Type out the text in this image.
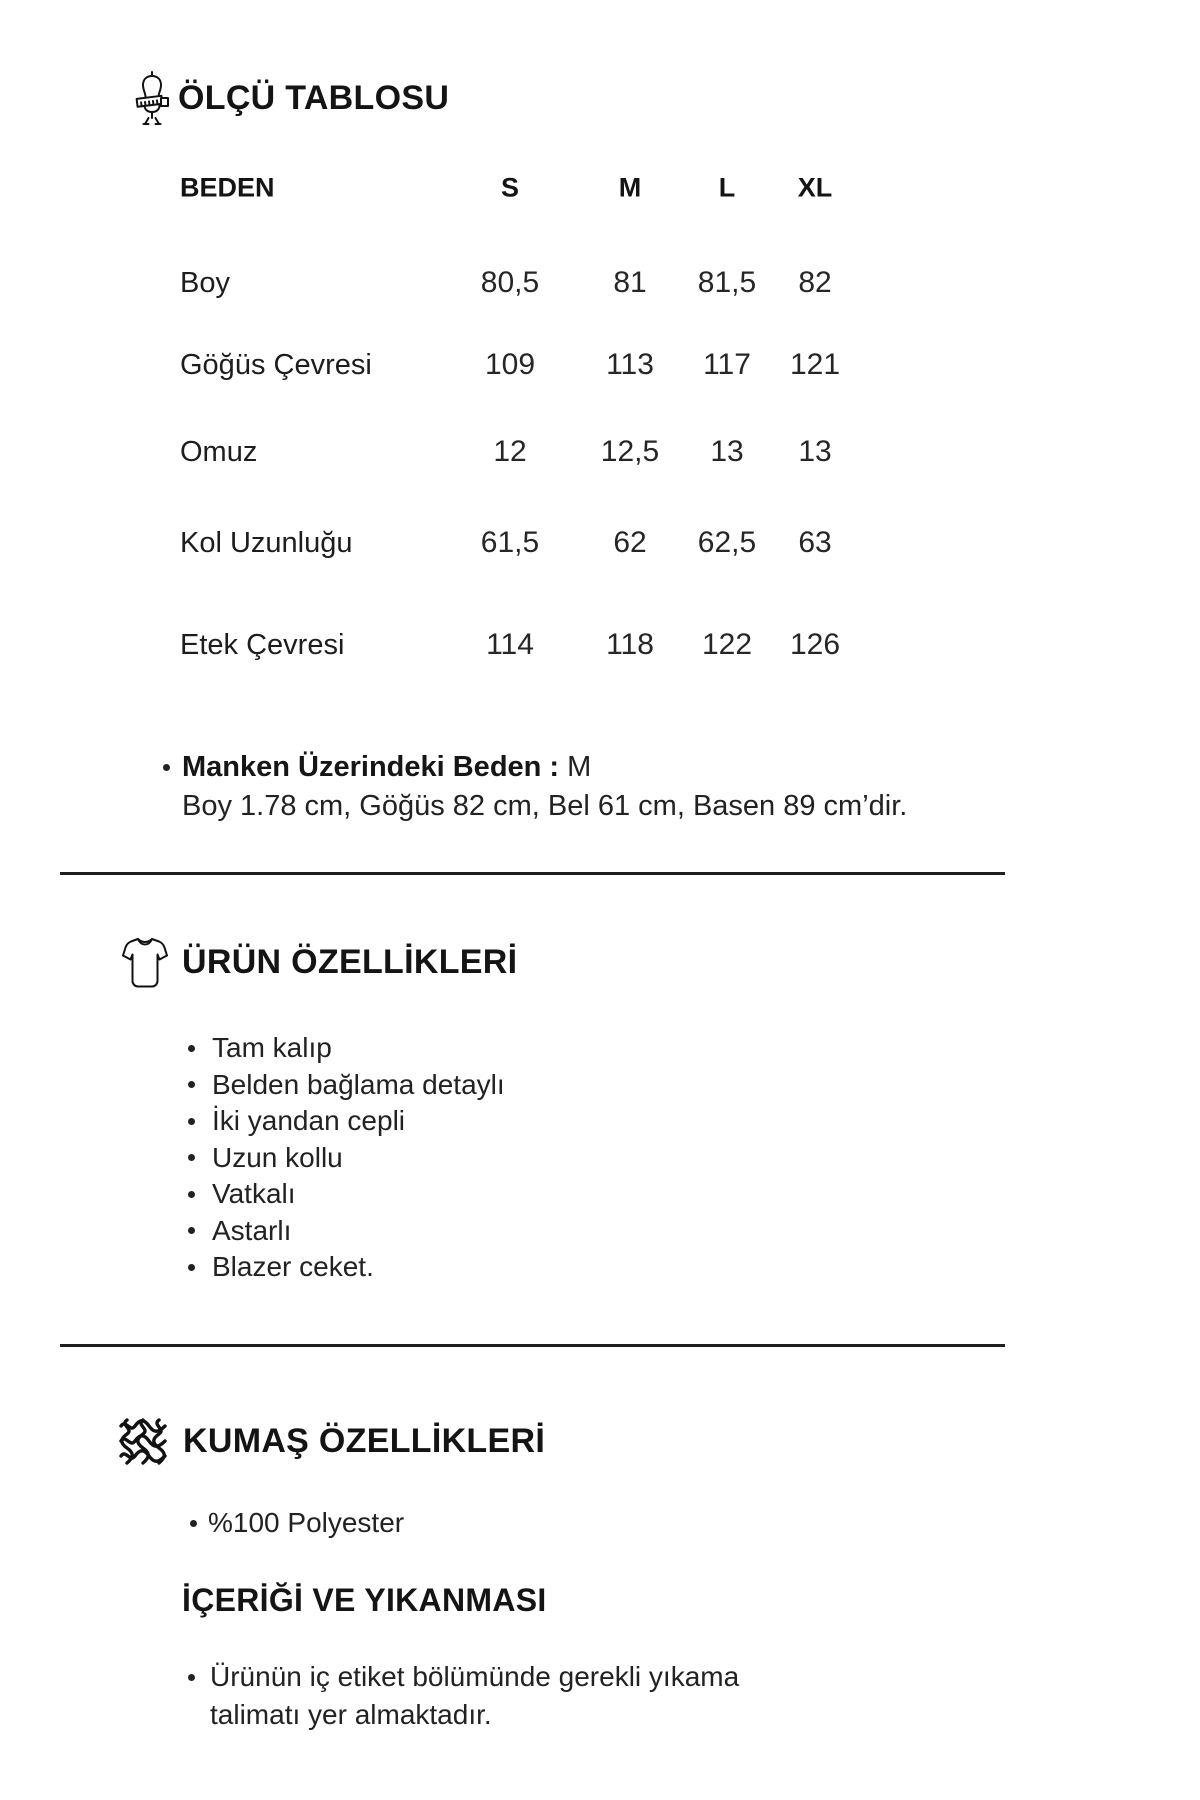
ÖLÇÜ TABLOSU
BEDEN	S	M	L	XL
Boy	80,5	81	81,5	82
Göğüs Çevresi	109	113	117	121
Omuz	12	12,5	13	13
Kol Uzunluğu	61,5	62	62,5	63
Etek Çevresi	114	118	122	126
Manken Üzerindeki Beden : M
Boy 1.78 cm, Göğüs 82 cm, Bel 61 cm, Basen 89 cm’dir.
ÜRÜN ÖZELLİKLERİ
Tam kalıp
Belden bağlama detaylı
İki yandan cepli
Uzun kollu
Vatkalı
Astarlı
Blazer ceket.
KUMAŞ ÖZELLİKLERİ
%100 Polyester
İÇERİĞİ VE YIKANMASI
Ürünün iç etiket bölümünde gerekli yıkama talimatı yer almaktadır.
